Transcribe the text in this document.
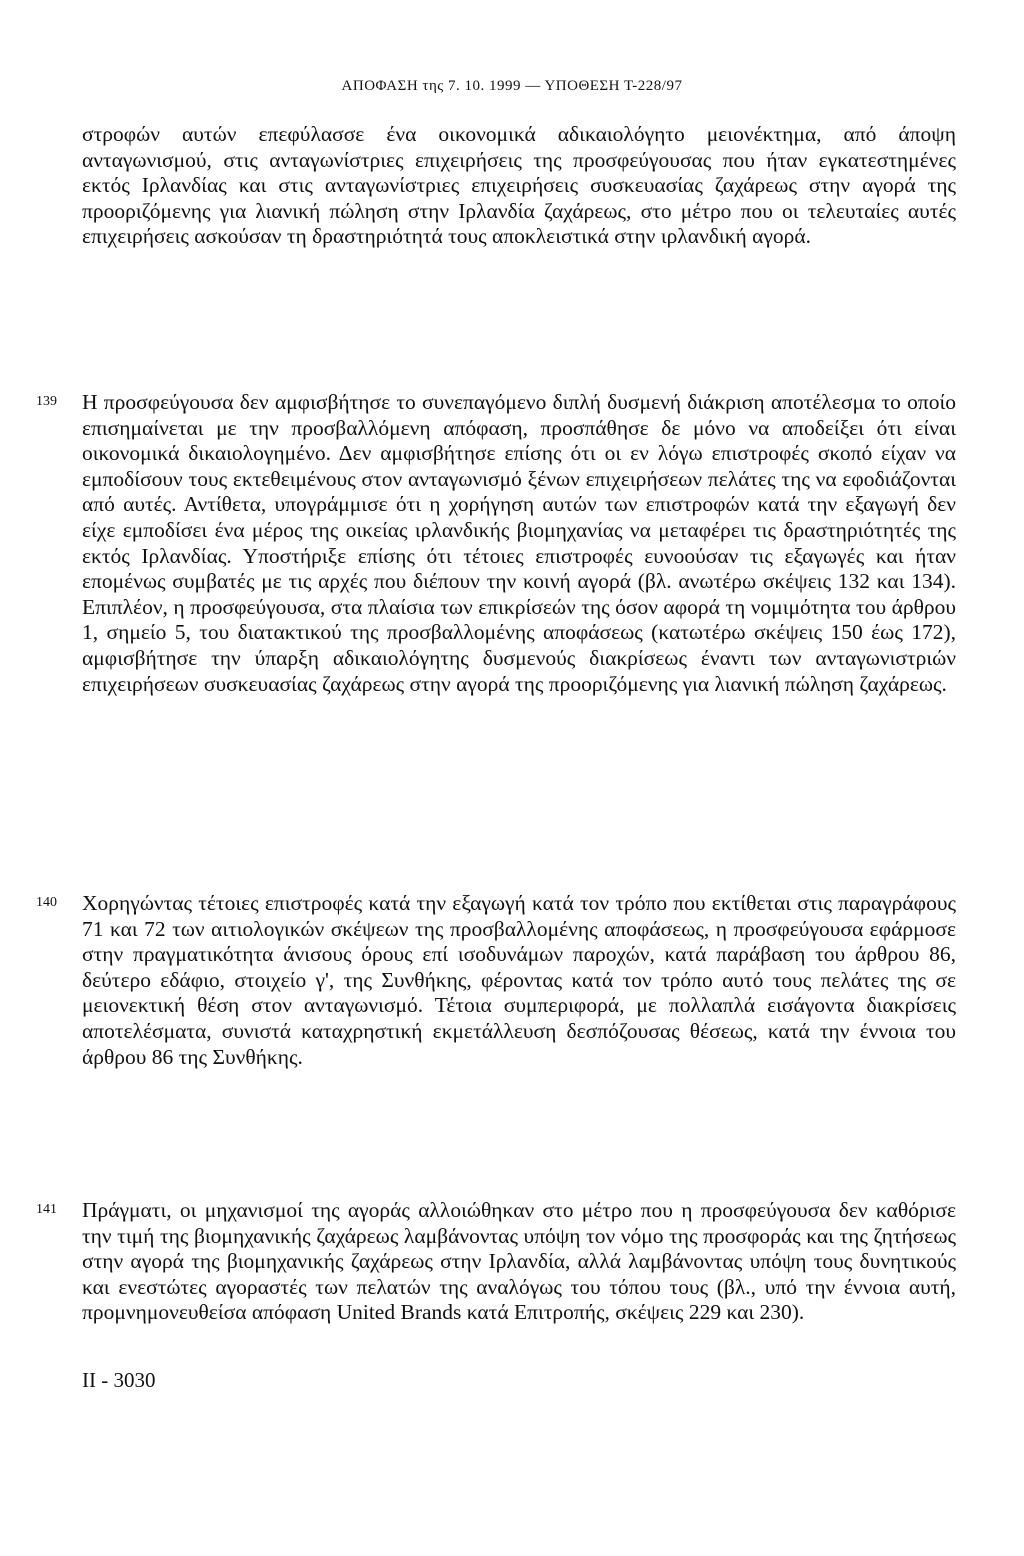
ΑΠΟΦΑΣΗ της 7. 10. 1999 — ΥΠΟΘΕΣΗ Τ-228/97
στροφών αυτών επεφύλασσε ένα οικονομικά αδικαιολόγητο μειονέκτημα, από άποψη ανταγωνισμού, στις ανταγωνίστριες επιχειρήσεις της προσφεύγουσας που ήταν εγκατεστημένες εκτός Ιρλανδίας και στις ανταγωνίστριες επιχειρήσεις συσκευασίας ζαχάρεως στην αγορά της προοριζόμενης για λιανική πώληση στην Ιρλανδία ζαχάρεως, στο μέτρο που οι τελευταίες αυτές επιχειρήσεις ασκούσαν τη δραστηριότητά τους αποκλειστικά στην ιρλανδική αγορά.
139	Η προσφεύγουσα δεν αμφισβήτησε το συνεπαγόμενο διπλή δυσμενή διάκριση αποτέλεσμα το οποίο επισημαίνεται με την προσβαλλόμενη απόφαση, προσπάθησε δε μόνο να αποδείξει ότι είναι οικονομικά δικαιολογημένο. Δεν αμφισβήτησε επίσης ότι οι εν λόγω επιστροφές σκοπό είχαν να εμποδίσουν τους εκτεθειμένους στον ανταγωνισμό ξένων επιχειρήσεων πελάτες της να εφοδιάζονται από αυτές. Αντίθετα, υπογράμμισε ότι η χορήγηση αυτών των επιστροφών κατά την εξαγωγή δεν είχε εμποδίσει ένα μέρος της οικείας ιρλανδικής βιομηχανίας να μεταφέρει τις δραστηριότητές της εκτός Ιρλανδίας. Υποστήριξε επίσης ότι τέτοιες επιστροφές ευνοούσαν τις εξαγωγές και ήταν επομένως συμβατές με τις αρχές που διέπουν την κοινή αγορά (βλ. ανωτέρω σκέψεις 132 και 134). Επιπλέον, η προσφεύγουσα, στα πλαίσια των επικρίσεών της όσον αφορά τη νομιμότητα του άρθρου 1, σημείο 5, του διατακτικού της προσβαλλομένης αποφάσεως (κατωτέρω σκέψεις 150 έως 172), αμφισβήτησε την ύπαρξη αδικαιολόγητης δυσμενούς διακρίσεως έναντι των ανταγωνιστριών επιχειρήσεων συσκευασίας ζαχάρεως στην αγορά της προοριζόμενης για λιανική πώληση ζαχάρεως.
140	Χορηγώντας τέτοιες επιστροφές κατά την εξαγωγή κατά τον τρόπο που εκτίθεται στις παραγράφους 71 και 72 των αιτιολογικών σκέψεων της προσβαλλομένης αποφάσεως, η προσφεύγουσα εφάρμοσε στην πραγματικότητα άνισους όρους επί ισοδυνάμων παροχών, κατά παράβαση του άρθρου 86, δεύτερο εδάφιο, στοιχείο γ', της Συνθήκης, φέροντας κατά τον τρόπο αυτό τους πελάτες της σε μειονεκτική θέση στον ανταγωνισμό. Τέτοια συμπεριφορά, με πολλαπλά εισάγοντα διακρίσεις αποτελέσματα, συνιστά καταχρηστική εκμετάλλευση δεσπόζουσας θέσεως, κατά την έννοια του άρθρου 86 της Συνθήκης.
141	Πράγματι, οι μηχανισμοί της αγοράς αλλοιώθηκαν στο μέτρο που η προσφεύγουσα δεν καθόρισε την τιμή της βιομηχανικής ζαχάρεως λαμβάνοντας υπόψη τον νόμο της προσφοράς και της ζητήσεως στην αγορά της βιομηχανικής ζαχάρεως στην Ιρλανδία, αλλά λαμβάνοντας υπόψη τους δυνητικούς και ενεστώτες αγοραστές των πελατών της αναλόγως του τόπου τους (βλ., υπό την έννοια αυτή, προμνημονευθείσα απόφαση United Brands κατά Επιτροπής, σκέψεις 229 και 230).
II - 3030
